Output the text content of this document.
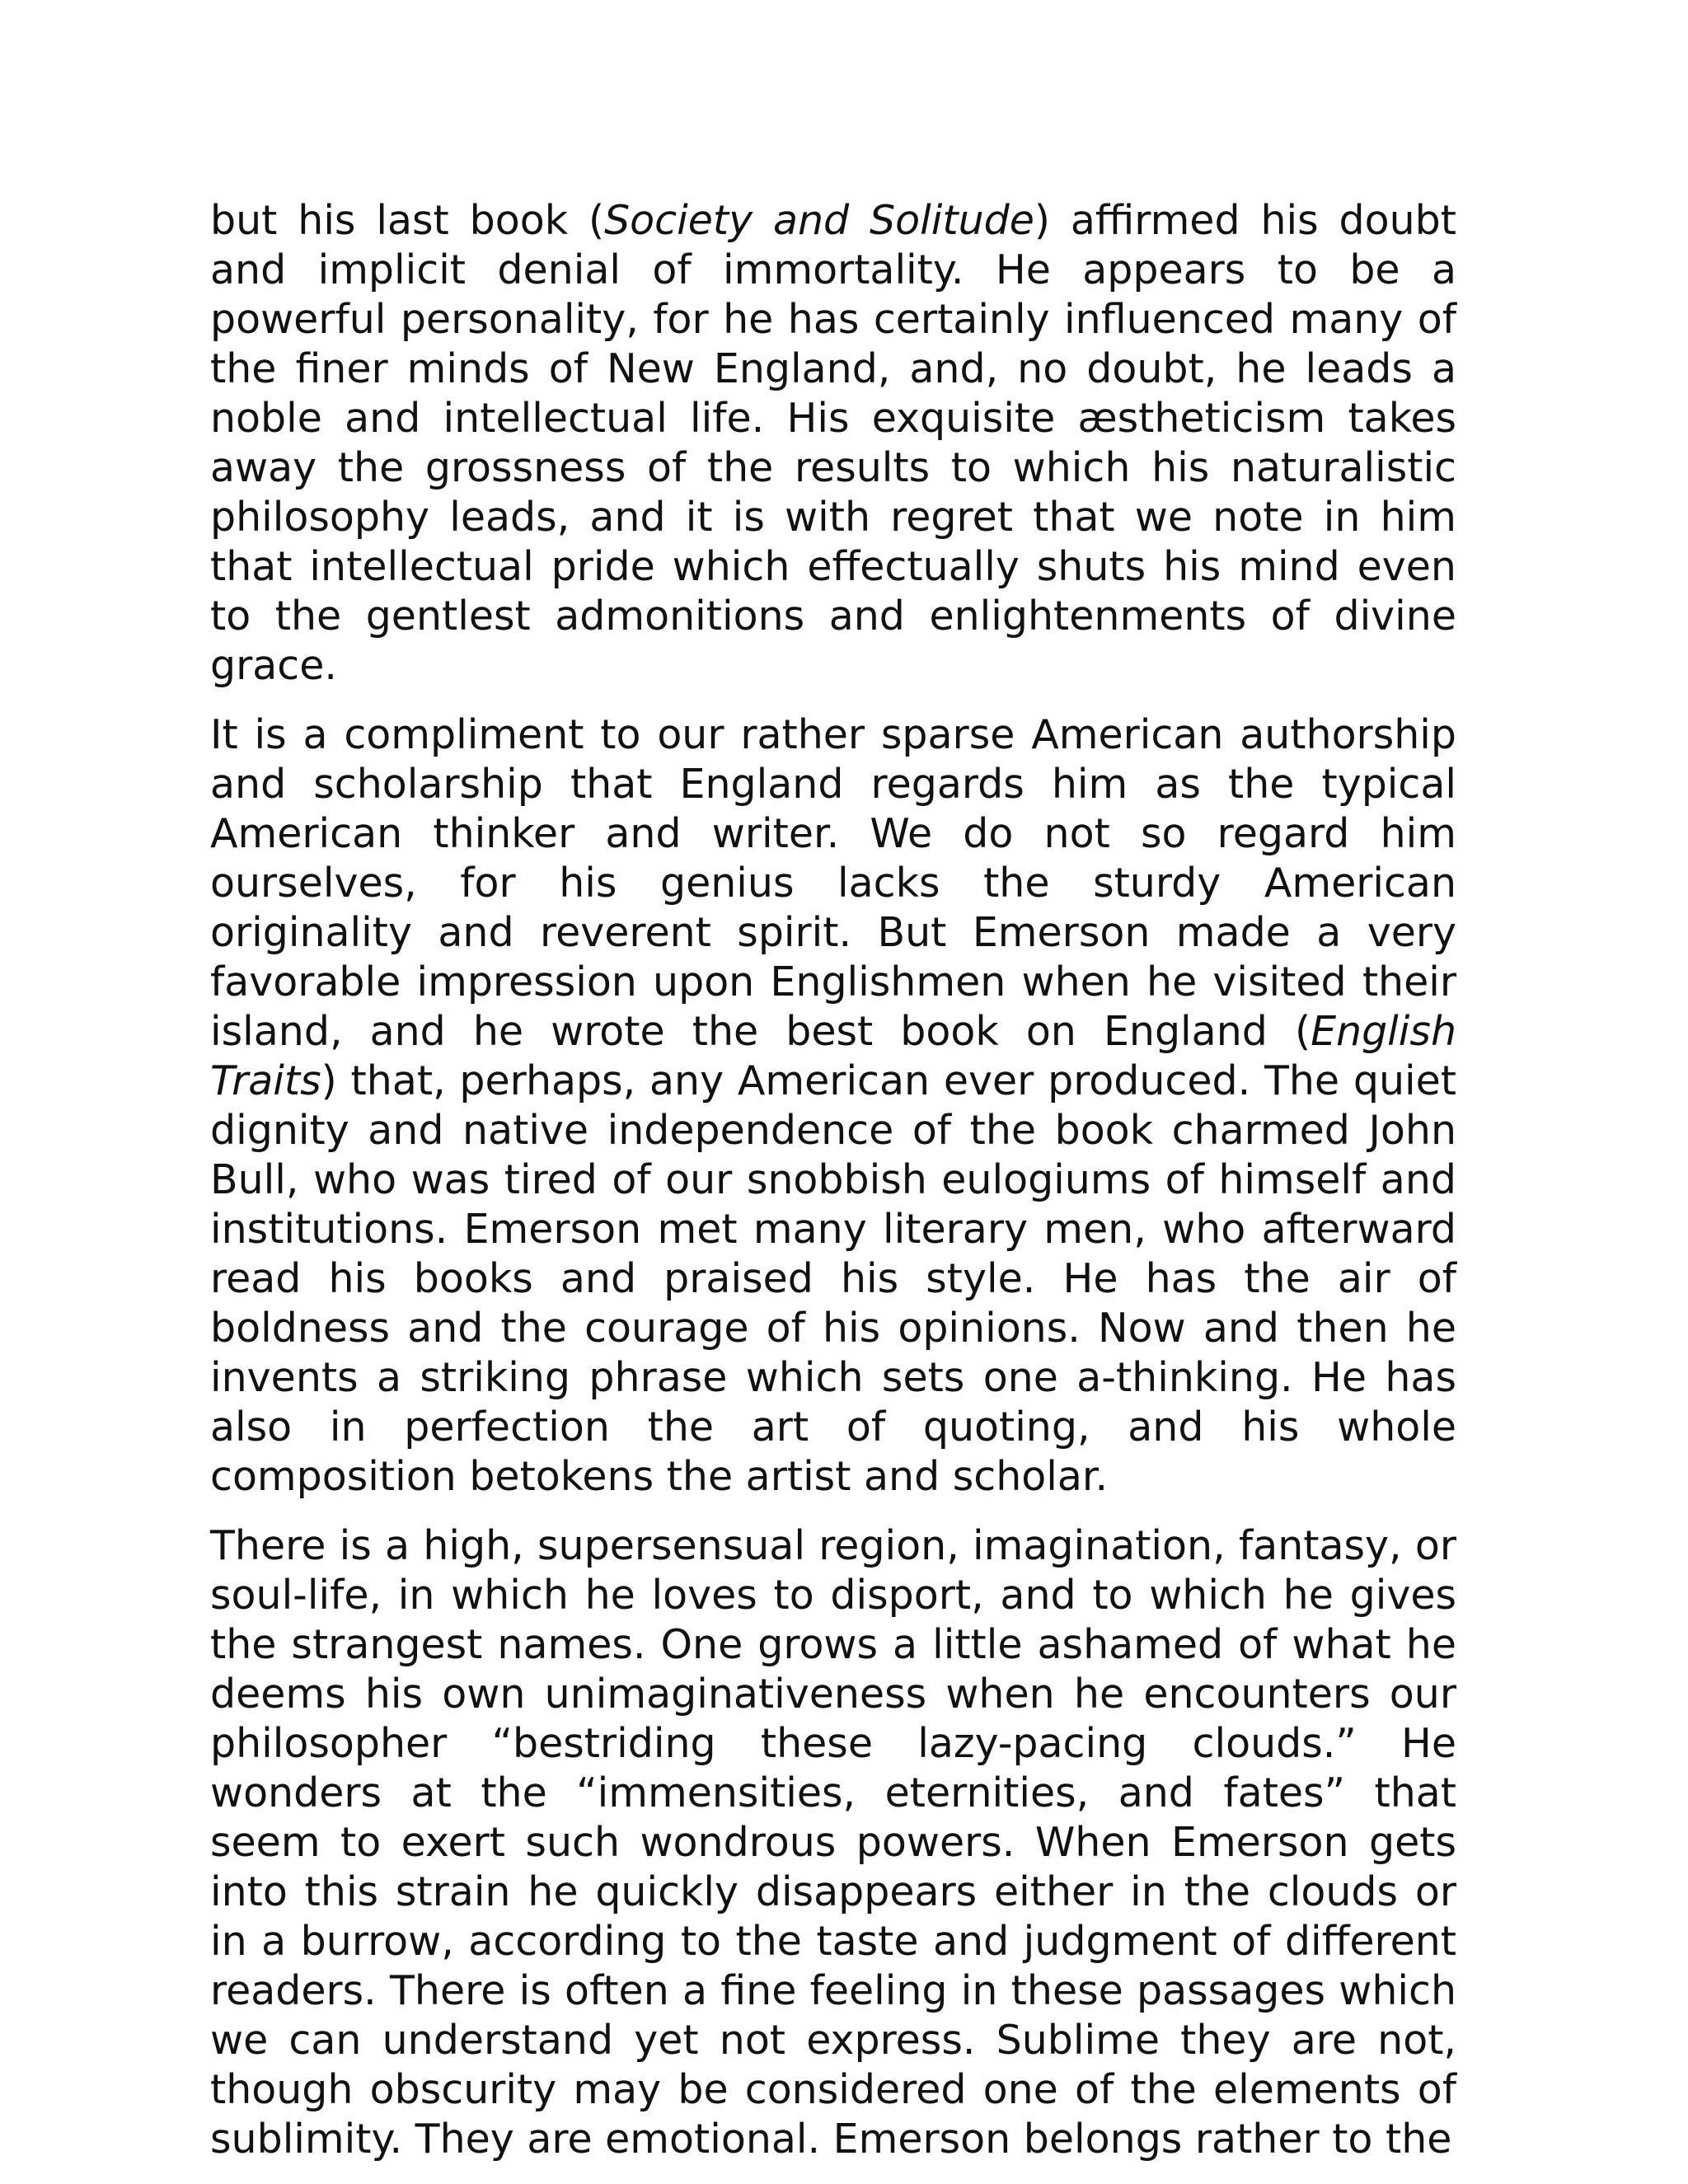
but his last book (Society and Solitude) affirmed his doubt and implicit denial of immortality. He appears to be a powerful personality, for he has certainly influenced many of the finer minds of New England, and, no doubt, he leads a noble and intellectual life. His exquisite æstheticism takes away the grossness of the results to which his naturalistic philosophy leads, and it is with regret that we note in him that intellectual pride which effectually shuts his mind even to the gentlest admonitions and enlightenments of divine grace.

It is a compliment to our rather sparse American authorship and scholarship that England regards him as the typical American thinker and writer. We do not so regard him ourselves, for his genius lacks the sturdy American originality and reverent spirit. But Emerson made a very favorable impression upon Englishmen when he visited their island, and he wrote the best book on England (English Traits) that, perhaps, any American ever produced. The quiet dignity and native independence of the book charmed John Bull, who was tired of our snobbish eulogiums of himself and institutions. Emerson met many literary men, who afterward read his books and praised his style. He has the air of boldness and the courage of his opinions. Now and then he invents a striking phrase which sets one a-thinking. He has also in perfection the art of quoting, and his whole composition betokens the artist and scholar.

There is a high, supersensual region, imagination, fantasy, or soul-life, in which he loves to disport, and to which he gives the strangest names. One grows a little ashamed of what he deems his own unimaginativeness when he encounters our philosopher “bestriding these lazy-pacing clouds.” He wonders at the “immensities, eternities, and fates” that seem to exert such wondrous powers. When Emerson gets into this strain he quickly disappears either in the clouds or in a burrow, according to the taste and judgment of different readers. There is often a fine feeling in these passages which we can understand yet not express. Sublime they are not, though obscurity may be considered one of the elements of sublimity. They are emotional. Emerson belongs rather to the
